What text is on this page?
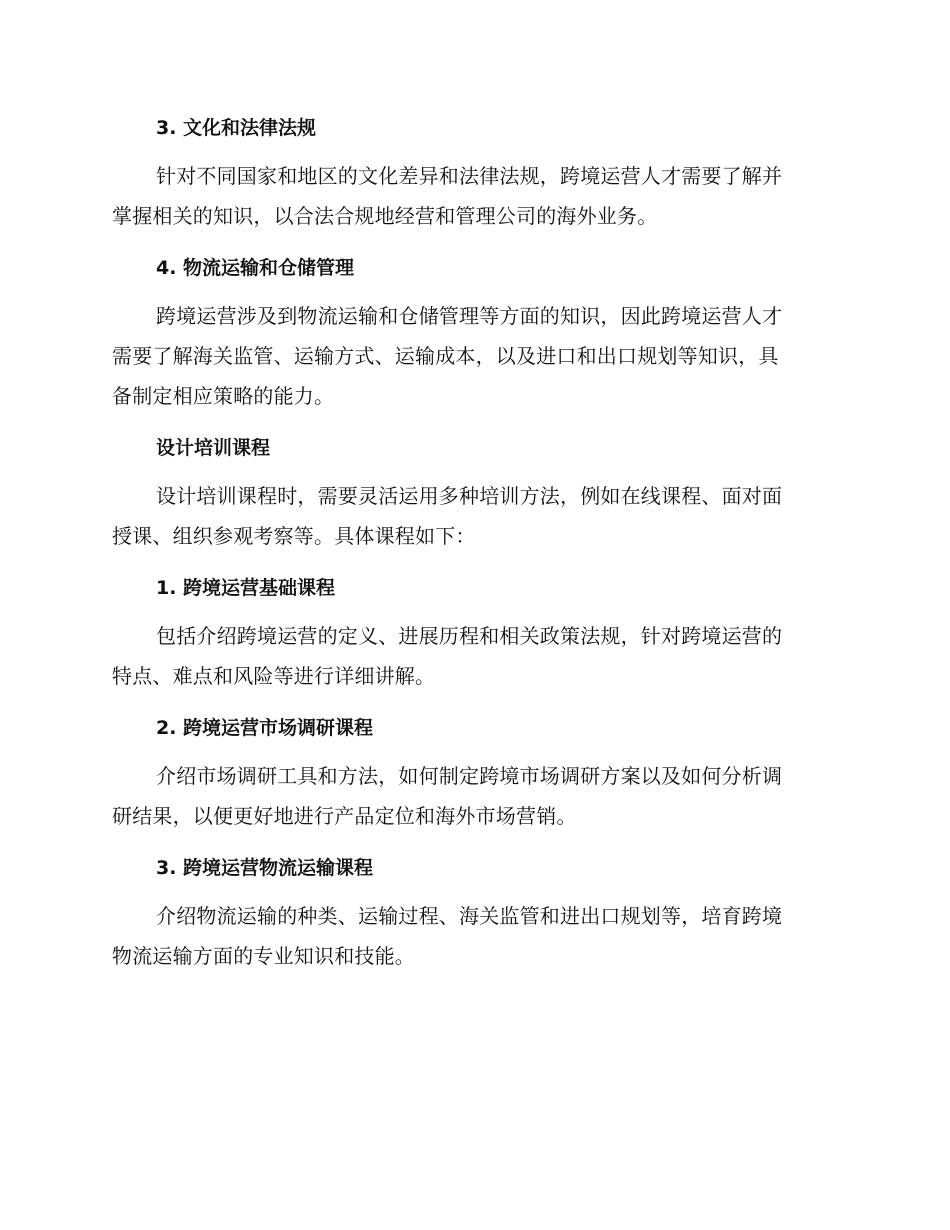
3. 文化和法律法规
针对不同国家和地区的文化差异和法律法规，跨境运营人才需要了解并
掌握相关的知识，以合法合规地经营和管理公司的海外业务。
4. 物流运输和仓储管理
跨境运营涉及到物流运输和仓储管理等方面的知识，因此跨境运营人才
需要了解海关监管、运输方式、运输成本，以及进口和出口规划等知识，具
备制定相应策略的能力。
设计培训课程
设计培训课程时，需要灵活运用多种培训方法，例如在线课程、面对面
授课、组织参观考察等。具体课程如下：
1. 跨境运营基础课程
包括介绍跨境运营的定义、进展历程和相关政策法规，针对跨境运营的
特点、难点和风险等进行详细讲解。
2. 跨境运营市场调研课程
介绍市场调研工具和方法，如何制定跨境市场调研方案以及如何分析调
研结果，以便更好地进行产品定位和海外市场营销。
3. 跨境运营物流运输课程
介绍物流运输的种类、运输过程、海关监管和进出口规划等，培育跨境
物流运输方面的专业知识和技能。
